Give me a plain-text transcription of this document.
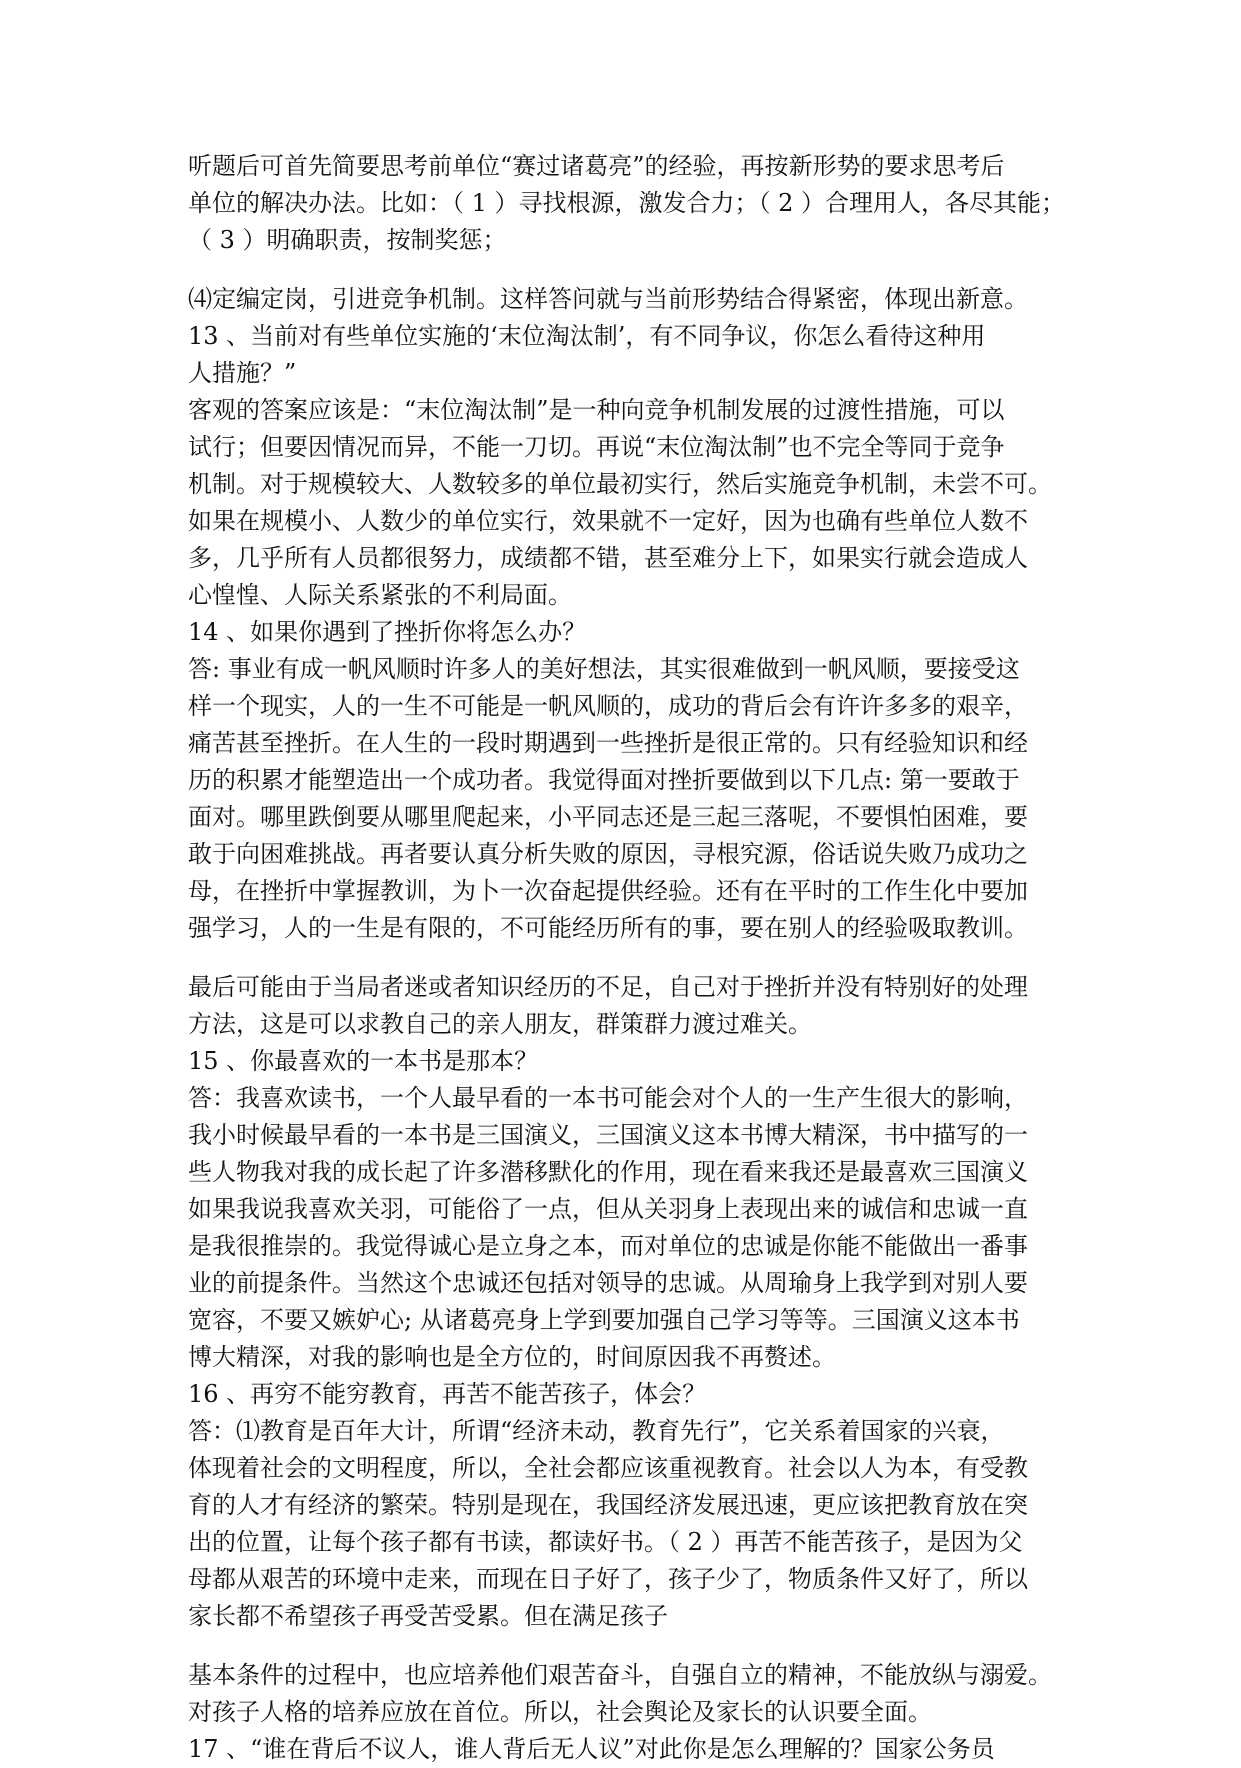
听题后可首先简要思考前单位“赛过诸葛亮”的经验，再按新形势的要求思考后
单位的解决办法。比如：（ 1 ）寻找根源，激发合力；（ 2 ）合理用人，各尽其能；
（ 3 ）明确职责，按制奖惩；
⑷定编定岗，引进竞争机制。这样答问就与当前形势结合得紧密，体现出新意。
13 、当前对有些单位实施的‘末位淘汰制’，有不同争议，你怎么看待这种用
人措施？”
客观的答案应该是：“末位淘汰制”是一种向竞争机制发展的过渡性措施，可以
试行；但要因情况而异，不能一刀切。再说“末位淘汰制”也不完全等同于竞争
机制。对于规模较大、人数较多的单位最初实行，然后实施竞争机制，未尝不可。
如果在规模小、人数少的单位实行，效果就不一定好，因为也确有些单位人数不
多，几乎所有人员都很努力，成绩都不错，甚至难分上下，如果实行就会造成人
心惶惶、人际关系紧张的不利局面。
14 、如果你遇到了挫折你将怎么办？
答: 事业有成一帆风顺时许多人的美好想法，其实很难做到一帆风顺，要接受这
样一个现实，人的一生不可能是一帆风顺的，成功的背后会有许许多多的艰辛，
痛苦甚至挫折。在人生的一段时期遇到一些挫折是很正常的。只有经验知识和经
历的积累才能塑造出一个成功者。我觉得面对挫折要做到以下几点: 第一要敢于
面对。哪里跌倒要从哪里爬起来，小平同志还是三起三落呢，不要惧怕困难，要
敢于向困难挑战。再者要认真分析失败的原因，寻根究源，俗话说失败乃成功之
母，在挫折中掌握教训，为卜一次奋起提供经验。还有在平时的工作生化中要加
强学习，人的一生是有限的，不可能经历所有的事，要在别人的经验吸取教训。
最后可能由于当局者迷或者知识经历的不足，自己对于挫折并没有特别好的处理
方法，这是可以求教自己的亲人朋友，群策群力渡过难关。
15 、你最喜欢的一本书是那本？
答：我喜欢读书，一个人最早看的一本书可能会对个人的一生产生很大的影响，
我小时候最早看的一本书是三国演义，三国演义这本书博大精深，书中描写的一
些人物我对我的成长起了许多潜移默化的作用，现在看来我还是最喜欢三国演义
如果我说我喜欢关羽，可能俗了一点，但从关羽身上表现出来的诚信和忠诚一直
是我很推崇的。我觉得诚心是立身之本，而对单位的忠诚是你能不能做出一番事
业的前提条件。当然这个忠诚还包括对领导的忠诚。从周瑜身上我学到对别人要
宽容，不要又嫉妒心; 从诸葛亮身上学到要加强自己学习等等。三国演义这本书
博大精深，对我的影响也是全方位的，时间原因我不再赘述。
16 、再穷不能穷教育，再苦不能苦孩子，体会？
答：⑴教育是百年大计，所谓“经济未动，教育先行”，它关系着国家的兴衰，
体现着社会的文明程度，所以，全社会都应该重视教育。社会以人为本，有受教
育的人才有经济的繁荣。特别是现在，我国经济发展迅速，更应该把教育放在突
出的位置，让每个孩子都有书读，都读好书。（ 2 ）再苦不能苦孩子，是因为父
母都从艰苦的环境中走来，而现在日子好了，孩子少了，物质条件又好了，所以
家长都不希望孩子再受苦受累。但在满足孩子
基本条件的过程中，也应培养他们艰苦奋斗，自强自立的精神，不能放纵与溺爱。
对孩子人格的培养应放在首位。所以，社会舆论及家长的认识要全面。
17 、“谁在背后不议人，谁人背后无人议”对此你是怎么理解的？国家公务员
